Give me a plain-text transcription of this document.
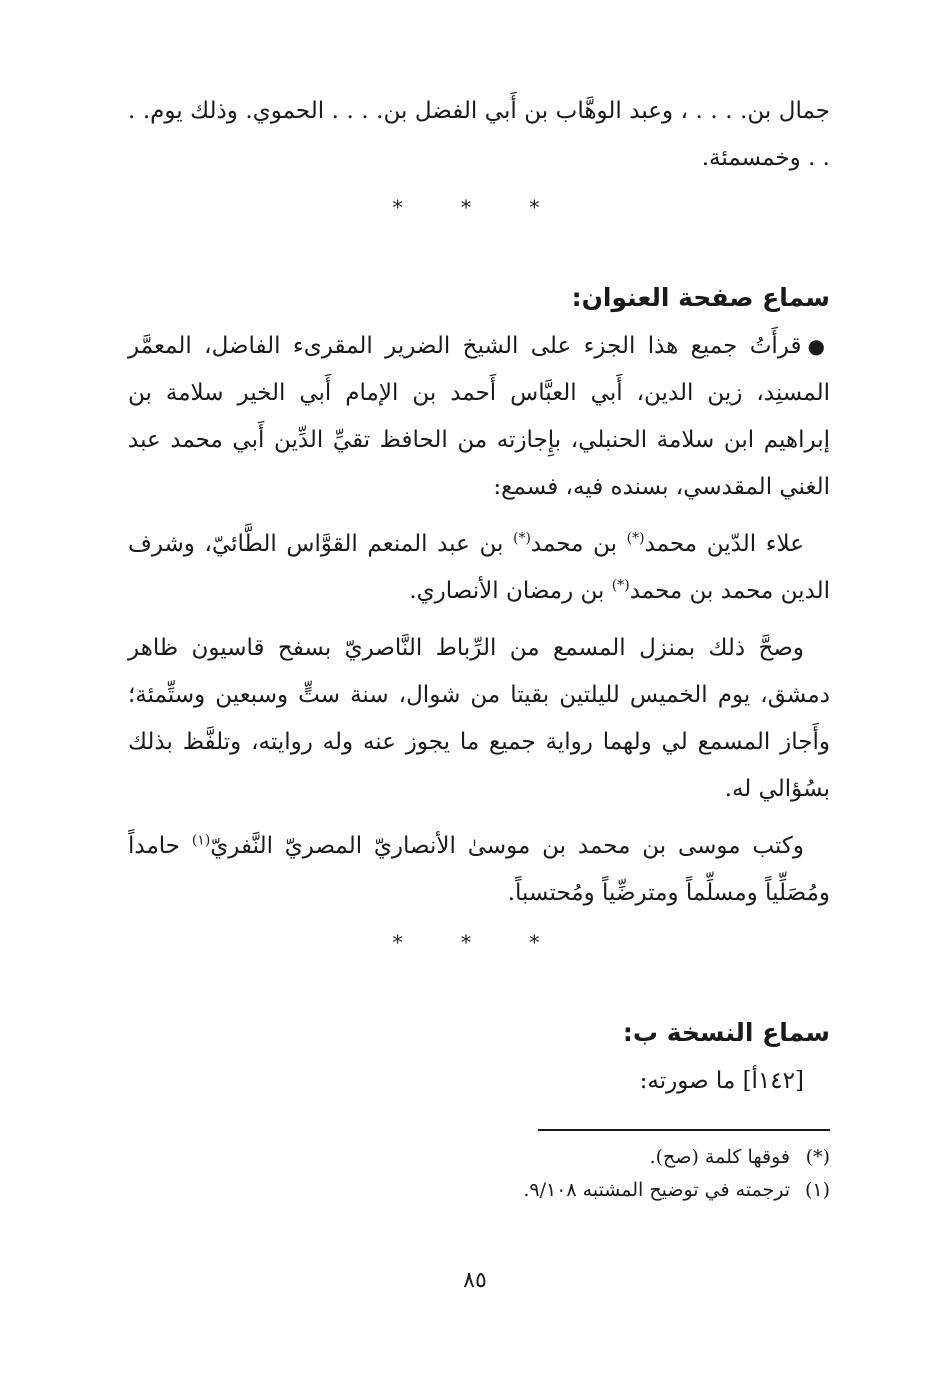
جمال بن. . . . ، وعبد الوهَّاب بن أَبي الفضل بن. . . . الحموي. وذلك يوم. . . . وخمسمئة.

* * *
سماع صفحة العنوان:

●قرأَتُ جميع هذا الجزء على الشيخ الضرير المقرىء الفاضل، المعمَّر المسنِد، زين الدين، أَبي العبَّاس أَحمد بن الإمام أَبي الخير سلامة بن إبراهيم ابن سلامة الحنبلي، بإِجازته من الحافظ تقيِّ الدِّين أَبي محمد عبد الغني المقدسي، بسنده فيه، فسمع:

علاء الدّين محمد(*) بن محمد(*) بن عبد المنعم القوَّاس الطَّائيّ، وشرف الدين محمد بن محمد(*) بن رمضان الأنصاري.

وصحَّ ذلك بمنزل المسمع من الرِّباط النَّاصريّ بسفح قاسيون ظاهر دمشق، يوم الخميس لليلتين بقيتا من شوال، سنة ستٍّ وسبعين وستِّمئة؛ وأَجاز المسمع لي ولهما رواية جميع ما يجوز عنه وله روايته، وتلفَّظ بذلك بسُؤالي له.

وكتب موسى بن محمد بن موسىٰ الأنصاريّ المصريّ النَّفريّ$^{(١)}$ حامداً ومُصَلِّياً ومسلِّماً ومترضِّياً ومُحتسباً.

* * *
سماع النسخة ب:

[١٤٢أ] ما صورته:

(*)فوقها كلمة (صح).
(١)ترجمته في توضيح المشتبه ٩/١٠٨.
٨٥
